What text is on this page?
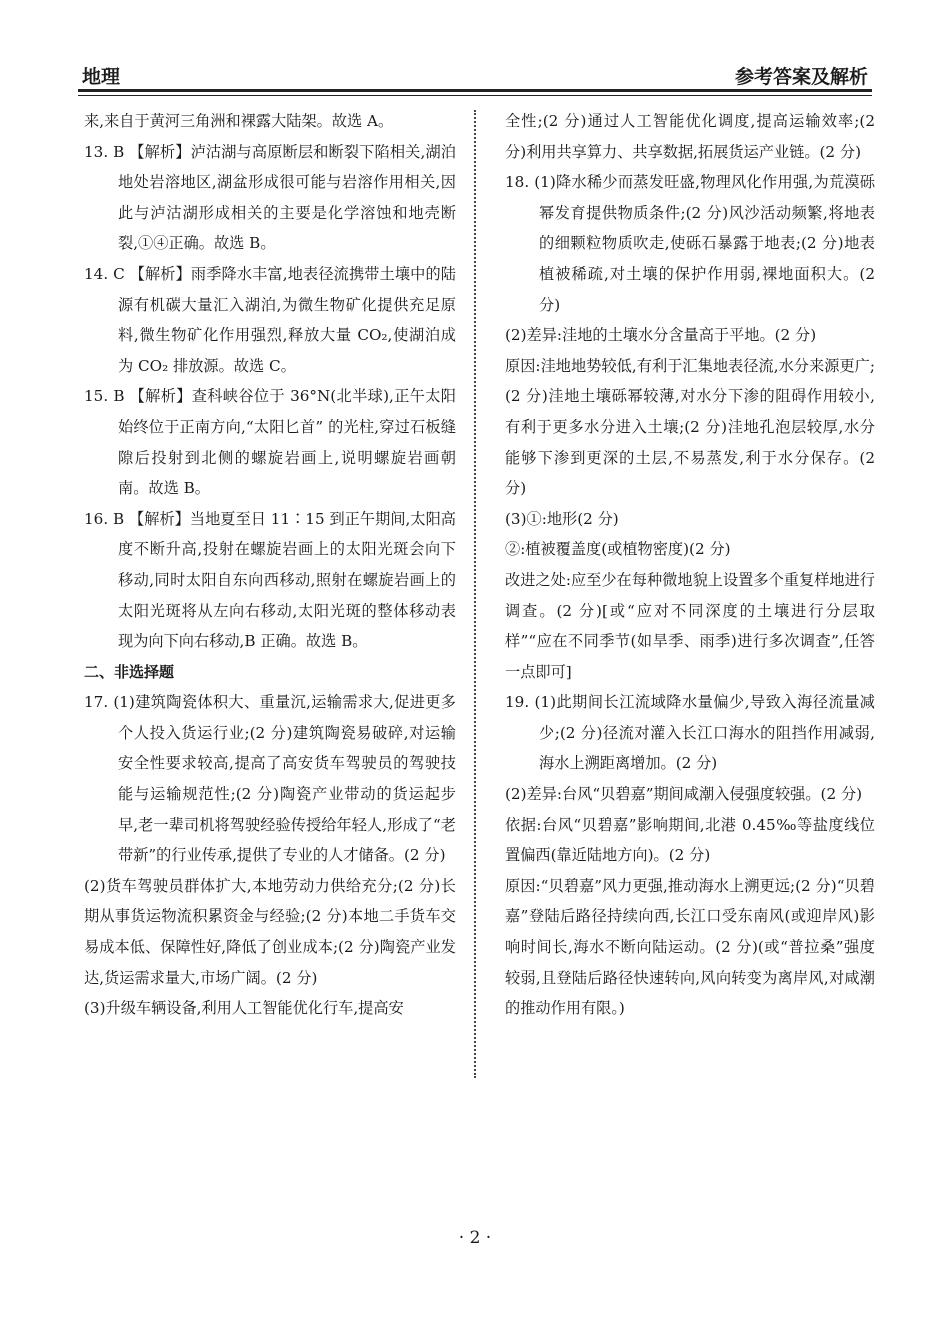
地理	参考答案及解析

来,来自于黄河三角洲和裸露大陆架。故选 A。

13. B 【解析】泸沽湖与高原断层和断裂下陷相关,湖泊地处岩溶地区,湖盆形成很可能与岩溶作用相关,因此与泸沽湖形成相关的主要是化学溶蚀和地壳断裂,①④正确。故选 B。

14. C 【解析】雨季降水丰富,地表径流携带土壤中的陆源有机碳大量汇入湖泊,为微生物矿化提供充足原料,微生物矿化作用强烈,释放大量 CO₂,使湖泊成为 CO₂ 排放源。故选 C。

15. B 【解析】查科峡谷位于 36°N(北半球),正午太阳始终位于正南方向,“太阳匕首” 的光柱,穿过石板缝隙后投射到北侧的螺旋岩画上,说明螺旋岩画朝南。故选 B。

16. B 【解析】当地夏至日 11∶15 到正午期间,太阳高度不断升高,投射在螺旋岩画上的太阳光斑会向下移动,同时太阳自东向西移动,照射在螺旋岩画上的太阳光斑将从左向右移动,太阳光斑的整体移动表现为向下向右移动,B 正确。故选 B。

二、非选择题

17. (1)建筑陶瓷体积大、重量沉,运输需求大,促进更多个人投入货运行业;(2 分)建筑陶瓷易破碎,对运输安全性要求较高,提高了高安货车驾驶员的驾驶技能与运输规范性;(2 分)陶瓷产业带动的货运起步早,老一辈司机将驾驶经验传授给年轻人,形成了“老带新”的行业传承,提供了专业的人才储备。(2 分)

(2)货车驾驶员群体扩大,本地劳动力供给充分;(2 分)长期从事货运物流积累资金与经验;(2 分)本地二手货车交易成本低、保障性好,降低了创业成本;(2 分)陶瓷产业发达,货运需求量大,市场广阔。(2 分)

(3)升级车辆设备,利用人工智能优化行车,提高安

全性;(2 分)通过人工智能优化调度,提高运输效率;(2 分)利用共享算力、共享数据,拓展货运产业链。(2 分)

18. (1)降水稀少而蒸发旺盛,物理风化作用强,为荒漠砾幂发育提供物质条件;(2 分)风沙活动频繁,将地表的细颗粒物质吹走,使砾石暴露于地表;(2 分)地表植被稀疏,对土壤的保护作用弱,裸地面积大。(2 分)

(2)差异:洼地的土壤水分含量高于平地。(2 分)

原因:洼地地势较低,有利于汇集地表径流,水分来源更广;(2 分)洼地土壤砾幂较薄,对水分下渗的阻碍作用较小,有利于更多水分进入土壤;(2 分)洼地孔泡层较厚,水分能够下渗到更深的土层,不易蒸发,利于水分保存。(2 分)

(3)①:地形(2 分)

②:植被覆盖度(或植物密度)(2 分)

改进之处:应至少在每种微地貌上设置多个重复样地进行调查。(2 分)[或“应对不同深度的土壤进行分层取样”“应在不同季节(如旱季、雨季)进行多次调查”,任答一点即可]

19. (1)此期间长江流域降水量偏少,导致入海径流量减少;(2 分)径流对灌入长江口海水的阻挡作用减弱,海水上溯距离增加。(2 分)

(2)差异:台风“贝碧嘉”期间咸潮入侵强度较强。(2 分)

依据:台风“贝碧嘉”影响期间,北港 0.45‰等盐度线位置偏西(靠近陆地方向)。(2 分)

原因:“贝碧嘉”风力更强,推动海水上溯更远;(2 分)“贝碧嘉”登陆后路径持续向西,长江口受东南风(或迎岸风)影响时间长,海水不断向陆运动。(2 分)(或“普拉桑”强度较弱,且登陆后路径快速转向,风向转变为离岸风,对咸潮的推动作用有限。)

· 2 ·
